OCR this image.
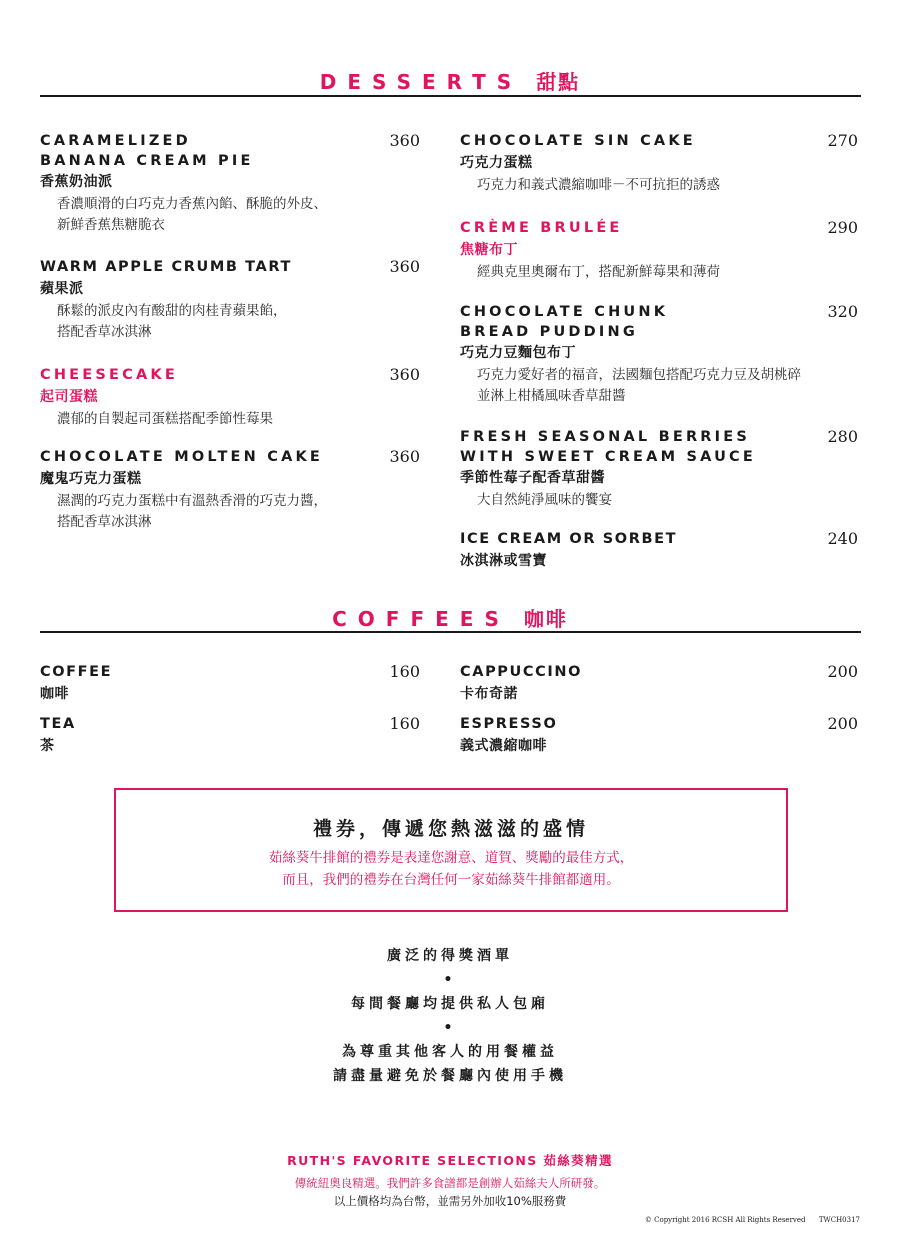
DESSERTS 甜點
CARAMELIZED
BANANA CREAM PIE
香蕉奶油派
香濃順滑的白巧克力香蕉內餡、酥脆的外皮、
新鮮香蕉焦糖脆衣
360
WARM APPLE CRUMB TART
蘋果派
酥鬆的派皮內有酸甜的肉桂青蘋果餡，
搭配香草冰淇淋
360
CHEESECAKE
起司蛋糕
濃郁的自製起司蛋糕搭配季節性莓果
360
CHOCOLATE MOLTEN CAKE
魔鬼巧克力蛋糕
濕潤的巧克力蛋糕中有溫熱香滑的巧克力醬，
搭配香草冰淇淋
360
CHOCOLATE SIN CAKE
巧克力蛋糕
巧克力和義式濃縮咖啡－不可抗拒的誘惑
270
CRÈME BRULÉE
焦糖布丁
經典克里奧爾布丁，搭配新鮮莓果和薄荷
290
CHOCOLATE CHUNK
BREAD PUDDING
巧克力豆麵包布丁
巧克力愛好者的福音，法國麵包搭配巧克力豆及胡桃碎
並淋上柑橘風味香草甜醬
320
FRESH SEASONAL BERRIES
WITH SWEET CREAM SAUCE
季節性莓子配香草甜醬
大自然純淨風味的饗宴
280
ICE CREAM OR SORBET
冰淇淋或雪寶
240
COFFEES 咖啡
COFFEE
咖啡
160
TEA
茶
160
CAPPUCCINO
卡布奇諾
200
ESPRESSO
義式濃縮咖啡
200
禮券，傳遞您熱滋滋的盛情
茹絲葵牛排館的禮券是表達您謝意、道賀、獎勵的最佳方式，
而且，我們的禮券在台灣任何一家茹絲葵牛排館都適用。
廣泛的得獎酒單
•
每間餐廳均提供私人包廂
•
為尊重其他客人的用餐權益
請盡量避免於餐廳內使用手機
RUTH'S FAVORITE SELECTIONS 茹絲葵精選
傳統紐奧良精選。我們許多食譜都是創辦人茹絲夫人所研發。
以上價格均為台幣，並需另外加收10%服務費
© Copyright 2016 RCSH All Rights Reserved TWCH0317
